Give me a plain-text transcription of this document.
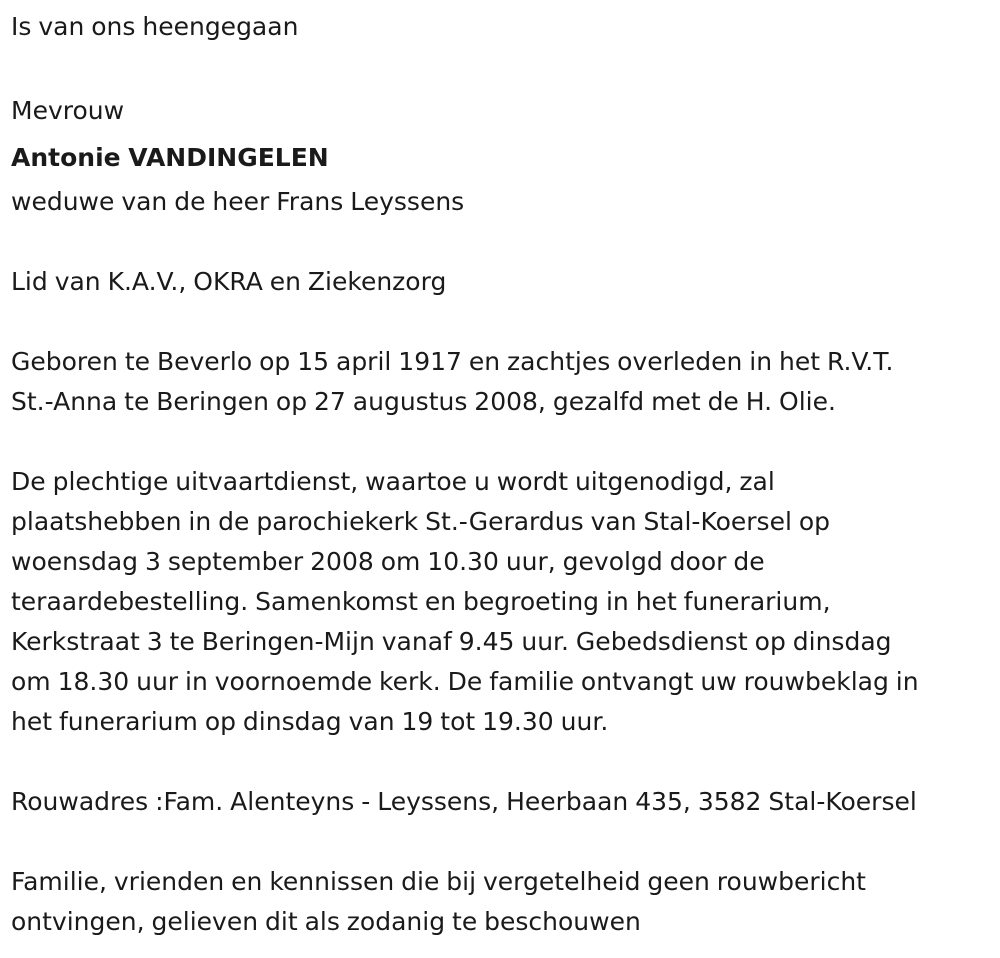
Is van ons heengegaan
Mevrouw
Antonie VANDINGELEN
weduwe van de heer Frans Leyssens
Lid van K.A.V., OKRA en Ziekenzorg
Geboren te Beverlo op 15 april 1917 en zachtjes overleden in het R.V.T.
St.-Anna te Beringen op 27 augustus 2008, gezalfd met de H. Olie.
De plechtige uitvaartdienst, waartoe u wordt uitgenodigd, zal
plaatshebben in de parochiekerk St.-Gerardus van Stal-Koersel op
woensdag 3 september 2008 om 10.30 uur, gevolgd door de
teraardebestelling. Samenkomst en begroeting in het funerarium,
Kerkstraat 3 te Beringen-Mijn vanaf 9.45 uur. Gebedsdienst op dinsdag
om 18.30 uur in voornoemde kerk. De familie ontvangt uw rouwbeklag in
het funerarium op dinsdag van 19 tot 19.30 uur.
Rouwadres :Fam. Alenteyns - Leyssens, Heerbaan 435, 3582 Stal-Koersel
Familie, vrienden en kennissen die bij vergetelheid geen rouwbericht
ontvingen, gelieven dit als zodanig te beschouwen
